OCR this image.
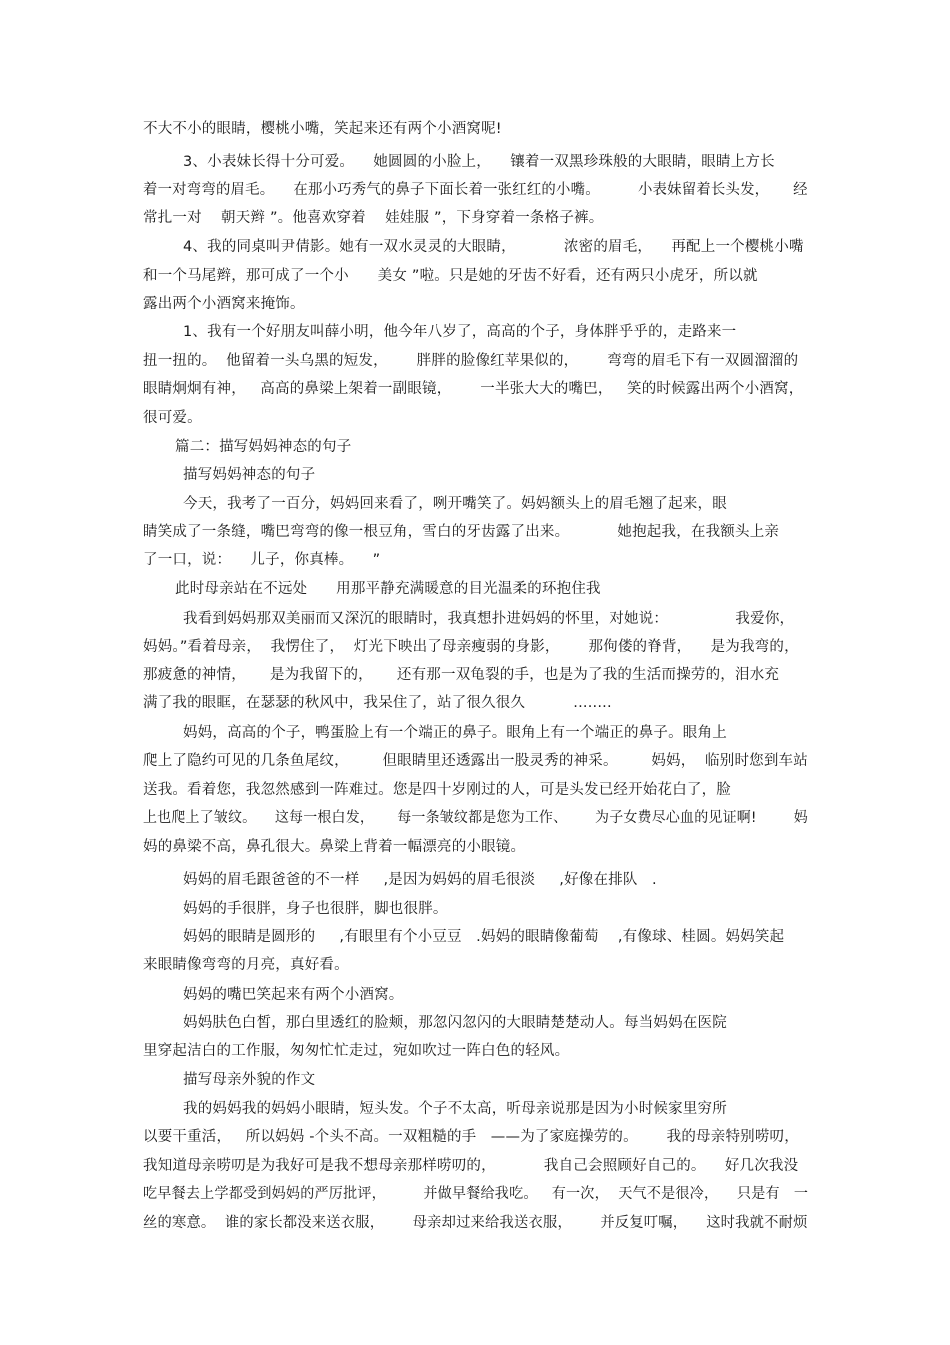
不大不小的眼睛，樱桃小嘴，笑起来还有两个小酒窝呢!
3、小表妹长得十分可爱。    她圆圆的小脸上，    镶着一双黑珍珠般的大眼睛，眼睛上方长
着一对弯弯的眉毛。    在那小巧秀气的鼻子下面长着一张红红的小嘴。        小表妹留着长头发，     经
常扎一对    朝天辫 ”。他喜欢穿着    娃娃服 ”，下身穿着一条格子裤。
4、我的同桌叫尹倩影。她有一双水灵灵的大眼睛，          浓密的眉毛，    再配上一个樱桃小嘴
和一个马尾辫，那可成了一个小      美女 ”啦。只是她的牙齿不好看，还有两只小虎牙，所以就
露出两个小酒窝来掩饰。
1、我有一个好朋友叫薛小明，他今年八岁了，高高的个子，身体胖乎乎的，走路来一
扭一扭的。  他留着一头乌黑的短发，      胖胖的脸像红苹果似的，      弯弯的眉毛下有一双圆溜溜的
眼睛炯炯有神，   高高的鼻梁上架着一副眼镜，      一半张大大的嘴巴，   笑的时候露出两个小酒窝，
很可爱。
篇二：描写妈妈神态的句子
描写妈妈神态的句子
今天，我考了一百分，妈妈回来看了，咧开嘴笑了。妈妈额头上的眉毛翘了起来，眼
睛笑成了一条缝，嘴巴弯弯的像一根豆角，雪白的牙齿露了出来。          她抱起我，在我额头上亲
了一口，说：    儿子，你真棒。    ”
此时母亲站在不远处      用那平静充满暖意的目光温柔的环抱住我
我看到妈妈那双美丽而又深沉的眼睛时，我真想扑进妈妈的怀里，对她说：              我爱你，
妈妈。”看着母亲，  我愣住了，  灯光下映出了母亲瘦弱的身影，      那佝偻的脊背，    是为我弯的，
那疲惫的神情，     是为我留下的，     还有那一双龟裂的手，也是为了我的生活而操劳的，泪水充
满了我的眼眶，在瑟瑟的秋风中，我呆住了，站了很久很久          ........
妈妈，高高的个子，鸭蛋脸上有一个端正的鼻子。眼角上有一个端正的鼻子。眼角上
爬上了隐约可见的几条鱼尾纹，       但眼睛里还透露出一股灵秀的神采。       妈妈，  临别时您到车站
送我。看着您，我忽然感到一阵难过。您是四十岁刚过的人，可是头发已经开始花白了，脸
上也爬上了皱纹。    这每一根白发，     每一条皱纹都是您为工作、      为子女费尽心血的见证啊!        妈
妈的鼻梁不高，鼻孔很大。鼻梁上背着一幅漂亮的小眼镜。
妈妈的眉毛跟爸爸的不一样     ,是因为妈妈的眉毛很淡     ,好像在排队   .
妈妈的手很胖，身子也很胖，脚也很胖。
妈妈的眼睛是圆形的     ,有眼里有个小豆豆   .妈妈的眼睛像葡萄    ,有像球、桂圆。妈妈笑起
来眼睛像弯弯的月亮，真好看。
妈妈的嘴巴笑起来有两个小酒窝。
妈妈肤色白皙，那白里透红的脸颊，那忽闪忽闪的大眼睛楚楚动人。每当妈妈在医院
里穿起洁白的工作服，匆匆忙忙走过，宛如吹过一阵白色的轻风。
描写母亲外貌的作文
我的妈妈我的妈妈小眼睛，短头发。个子不太高，听母亲说那是因为小时候家里穷所
以要干重活，   所以妈妈 -个头不高。一双粗糙的手   ——为了家庭操劳的。      我的母亲特别唠叨，
我知道母亲唠叨是为我好可是我不想母亲那样唠叨的，          我自己会照顾好自己的。    好几次我没
吃早餐去上学都受到妈妈的严厉批评，        并做早餐给我吃。   有一次，  天气不是很冷，    只是有   一
丝的寒意。  谁的家长都没来送衣服，      母亲却过来给我送衣服，      并反复叮嘱，    这时我就不耐烦
